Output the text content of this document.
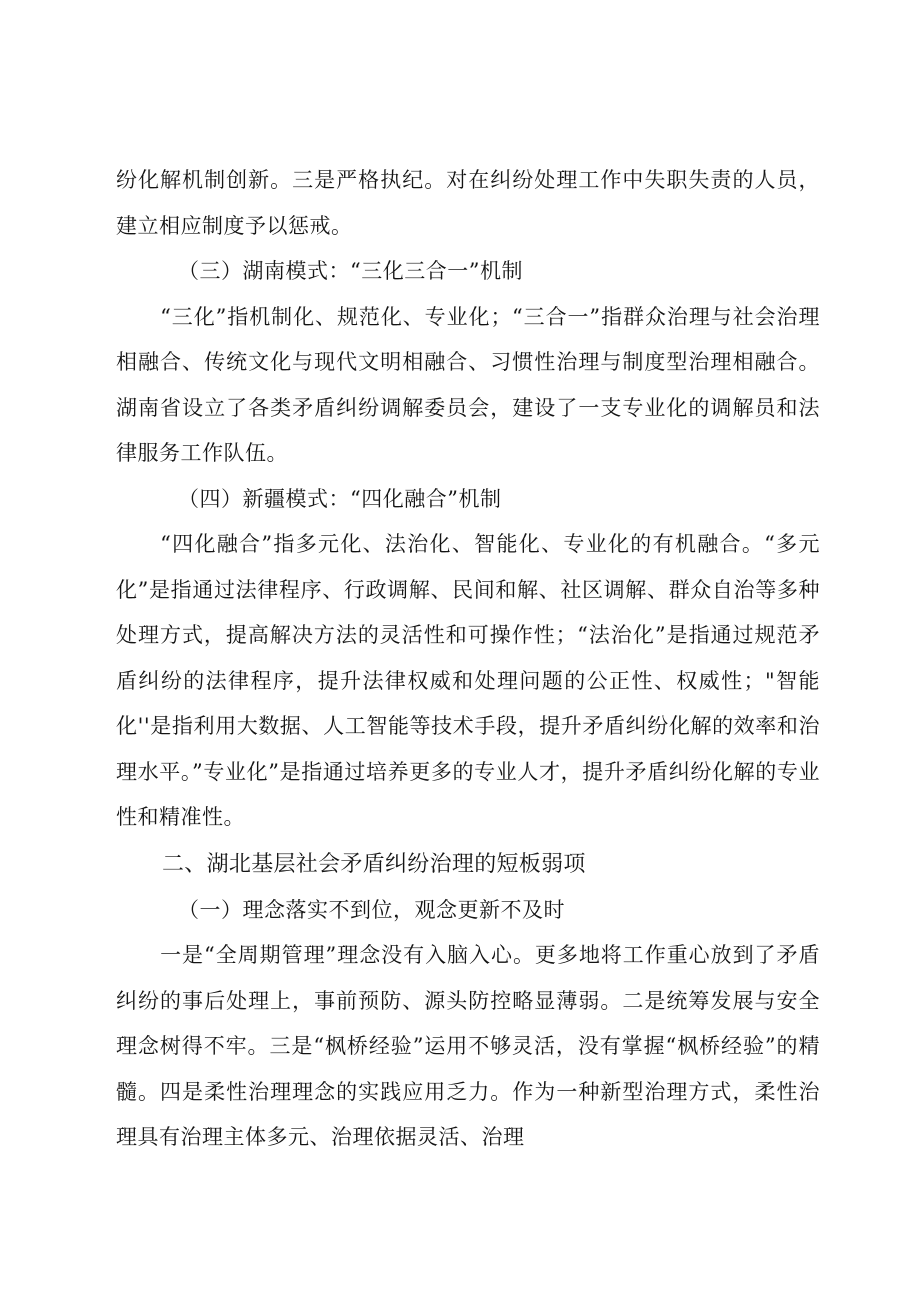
纷化解机制创新。三是严格执纪。对在纠纷处理工作中失职失责的人员，建立相应制度予以惩戒。

（三）湖南模式：“三化三合一”机制

“三化”指机制化、规范化、专业化；“三合一”指群众治理与社会治理相融合、传统文化与现代文明相融合、习惯性治理与制度型治理相融合。湖南省设立了各类矛盾纠纷调解委员会，建设了一支专业化的调解员和法律服务工作队伍。

（四）新疆模式：“四化融合”机制

“四化融合”指多元化、法治化、智能化、专业化的有机融合。“多元化”是指通过法律程序、行政调解、民间和解、社区调解、群众自治等多种处理方式，提高解决方法的灵活性和可操作性；“法治化”是指通过规范矛盾纠纷的法律程序，提升法律权威和处理问题的公正性、权威性；"智能化''是指利用大数据、人工智能等技术手段，提升矛盾纠纷化解的效率和治理水平。”专业化”是指通过培养更多的专业人才，提升矛盾纠纷化解的专业性和精准性。

二、湖北基层社会矛盾纠纷治理的短板弱项

（一）理念落实不到位，观念更新不及时

一是“全周期管理”理念没有入脑入心。更多地将工作重心放到了矛盾纠纷的事后处理上，事前预防、源头防控略显薄弱。二是统筹发展与安全理念树得不牢。三是“枫桥经验”运用不够灵活，没有掌握“枫桥经验”的精髓。四是柔性治理理念的实践应用乏力。作为一种新型治理方式，柔性治理具有治理主体多元、治理依据灵活、治理
